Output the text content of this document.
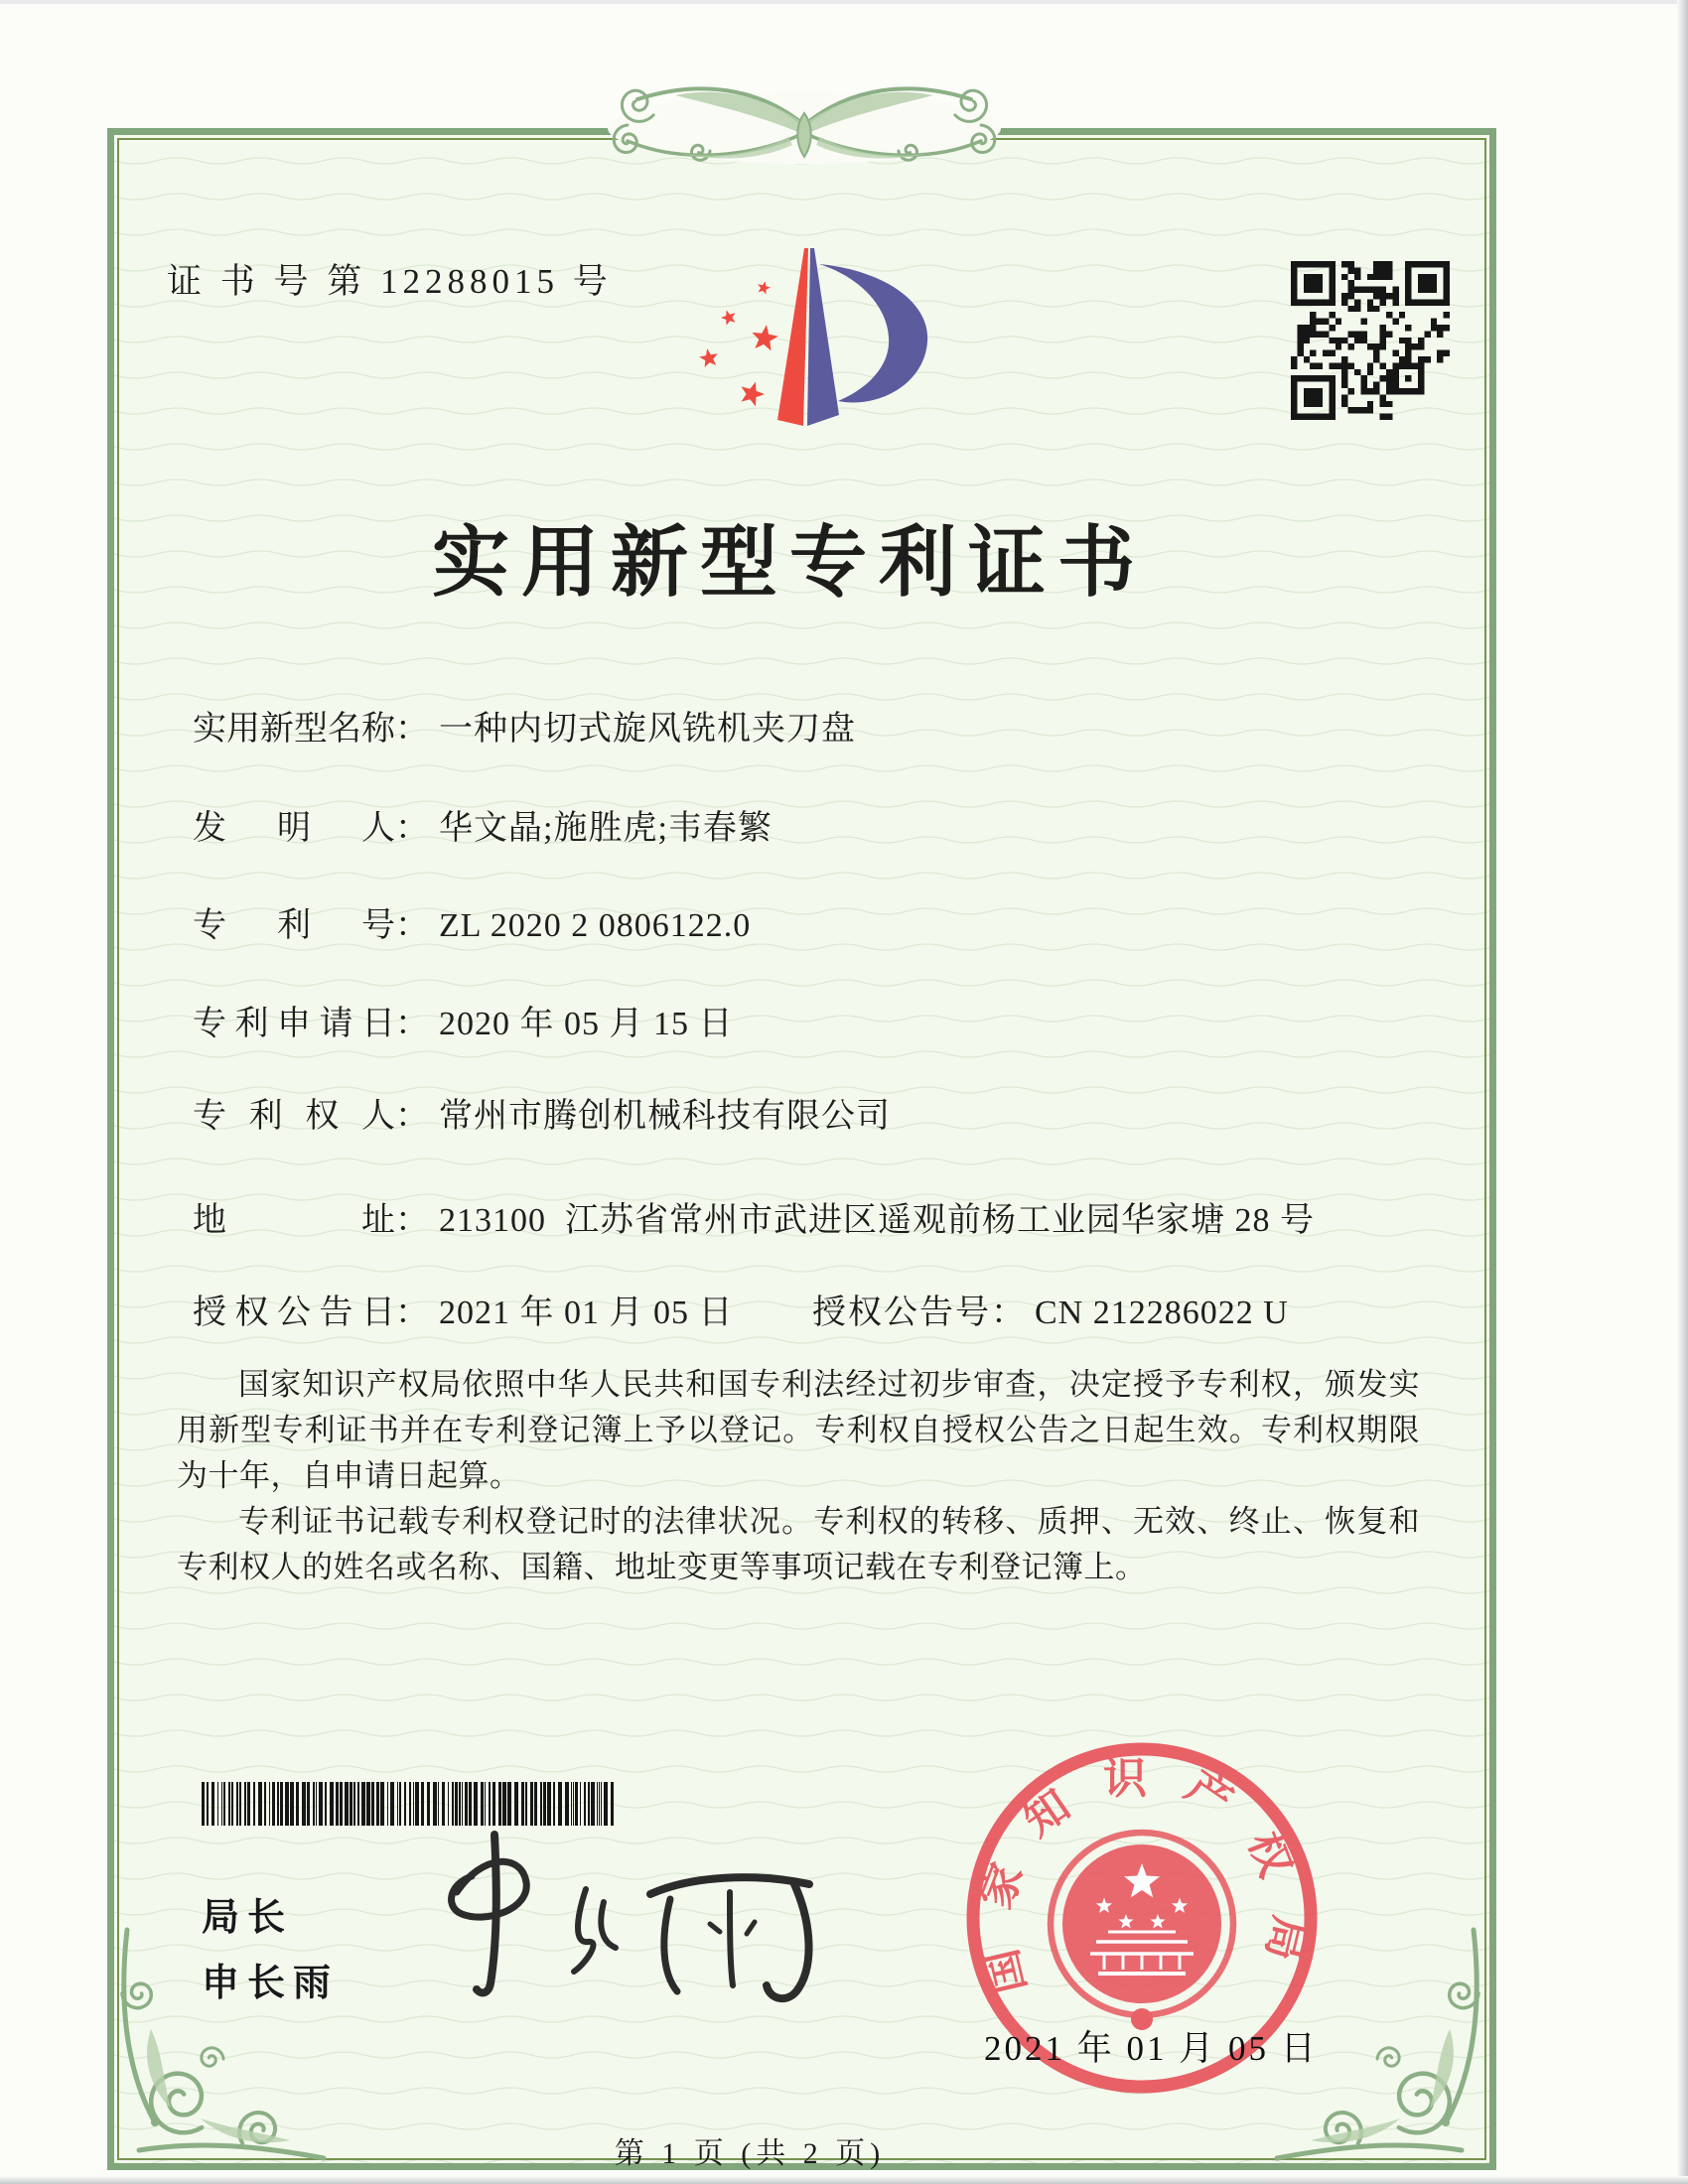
证 书 号 第 12288015 号
实用新型专利证书
实用新型名称： 一种内切式旋风铣机夹刀盘
发明人： 华文晶;施胜虎;韦春繁
专利号： ZL 2020 2 0806122.0
专利申请日： 2020 年 05 月 15 日
专利权人： 常州市腾创机械科技有限公司
地址： 213100  江苏省常州市武进区遥观前杨工业园华家塘 28 号
授权公告日： 2021 年 01 月 05 日 授权公告号： CN 212286022 U

国家知识产权局依照中华人民共和国专利法经过初步审查，决定授予专利权，颁发实用新型专利证书并在专利登记簿上予以登记。专利权自授权公告之日起生效。专利权期限为十年，自申请日起算。

专利证书记载专利权登记时的法律状况。专利权的转移、质押、无效、终止、恢复和专利权人的姓名或名称、国籍、地址变更等事项记载在专利登记簿上。

局长
申长雨	国家知识产权局
2021 年 01 月 05 日
第 1 页 (共 2 页)
